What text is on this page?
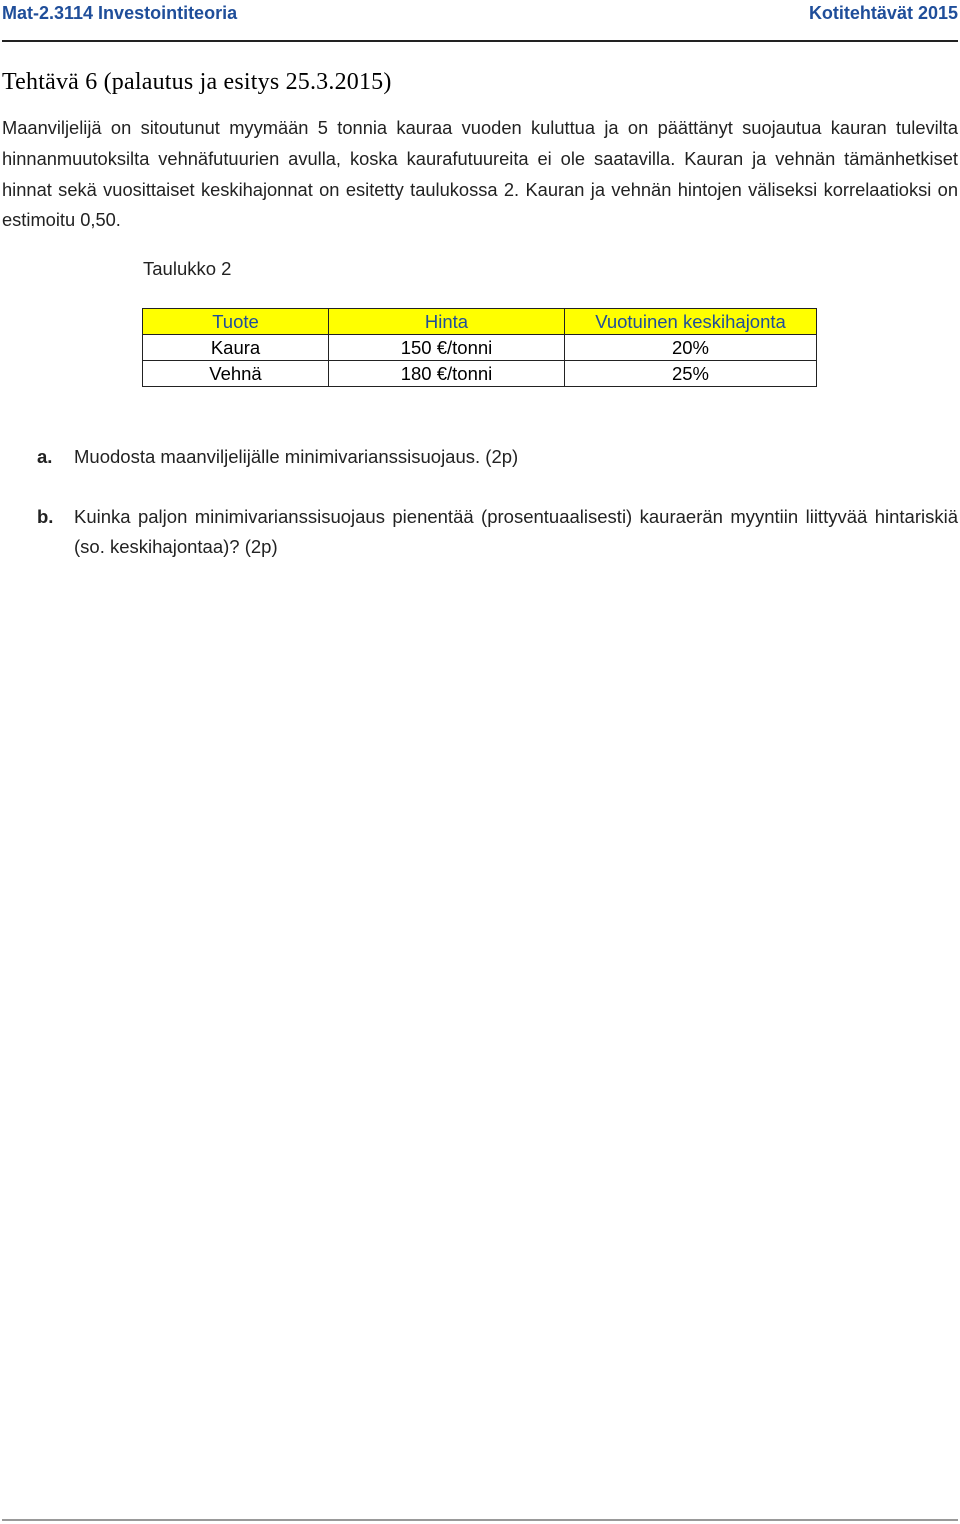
Mat-2.3114 Investointiteoria	Kotitehtävät 2015
Tehtävä 6 (palautus ja esitys 25.3.2015)

Maanviljelijä on sitoutunut myymään 5 tonnia kauraa vuoden kuluttua ja on päättänyt suojautua kauran tulevilta hinnanmuutoksilta vehnäfutuurien avulla, koska kaurafutuureita ei ole saatavilla. Kauran ja vehnän tämänhetkiset hinnat sekä vuosittaiset keskihajonnat on esitetty taulukossa 2. Kauran ja vehnän hintojen väliseksi korrelaatioksi on estimoitu 0,50.

Taulukko 2
Tuote	Hinta	Vuotuinen keskihajonta
Kaura	150 €/tonni	20%
Vehnä	180 €/tonni	25%
a. Muodosta maanviljelijälle minimivarianssisuojaus. (2p)
b. Kuinka paljon minimivarianssisuojaus pienentää (prosentuaalisesti) kauraerän myyntiin liittyvää hintariskiä (so. keskihajontaa)? (2p)
